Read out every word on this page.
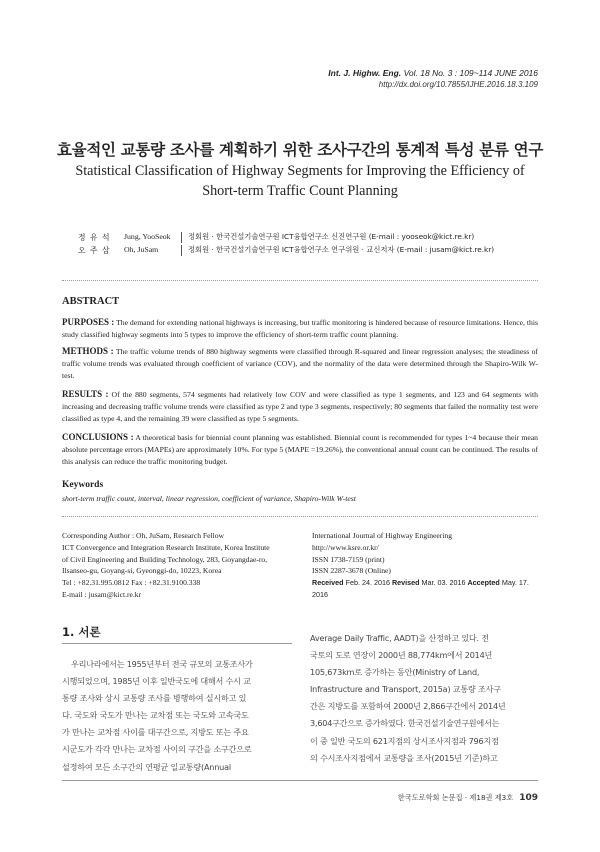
Int. J. Highw. Eng. Vol. 18 No. 3 : 109~114 JUNE 2016
http://dx.doi.org/10.7855/IJHE.2016.18.3.109
효율적인 교통량 조사를 계획하기 위한 조사구간의 통계적 특성 분류 연구
Statistical Classification of Highway Segments for Improving the Efficiency of
Short-term Traffic Count Planning
정 유 석 Jung, YooSeok 정회원 · 한국건설기술연구원 ICT융합연구소 신진연구원 (E-mail : yooseok@kict.re.kr)
오 주 삼 Oh, JuSam	정회원 · 한국건설기술연구원 ICT융합연구소 연구위원 · 교신저자 (E-mail : jusam@kict.re.kr)
ABSTRACT
PURPOSES : The demand for extending national highways is increasing, but traffic monitoring is hindered because of resource limitations. Hence, this study classified highway segments into 5 types to improve the efficiency of short-term traffic count planning.
METHODS : The traffic volume trends of 880 highway segments were classified through R-squared and linear regression analyses; the steadiness of traffic volume trends was evaluated through coefficient of variance (COV), and the normality of the data were determined through the Shapiro-Wilk W-test.
RESULTS : Of the 880 segments, 574 segments had relatively low COV and were classified as type 1 segments, and 123 and 64 segments with increasing and decreasing traffic volume trends were classified as type 2 and type 3 segments, respectively; 80 segments that failed the normality test were classified as type 4, and the remaining 39 were classified as type 5 segments.
CONCLUSIONS : A theoretical basis for biennial count planning was established. Biennial count is recommended for types 1~4 because their mean absolute percentage errors (MAPEs) are approximately 10%. For type 5 (MAPE =19.26%), the conventional annual count can be continued. The results of this analysis can reduce the traffic monitoring budget.
Keywords
short-term traffic count, interval, linear regression, coefficient of variance, Shapiro-Wilk W-test
Corresponding Author : Oh, JuSam, Research Fellow
ICT Convergence and Integration Research Institute, Korea Institute
of Civil Engineering and Building Technology, 283, Goyangdae-ro,
Ilsanseo-gu, Goyang-si, Gyeonggi-do, 10223, Korea
Tel : +82.31.995.0812 Fax : +82.31.9100.338
E-mail : jusam@kict.re.kr
International Journal of Highway Engineering
http://www.ksre.or.kr/
ISSN 1738-7159 (print)
ISSN 2287-3678 (Online)
Received Feb. 24. 2016 Revised Mar. 03. 2016 Accepted May. 17. 2016
1. 서론
우리나라에서는 1955년부터 전국 규모의 교통조사가
시행되었으며, 1985년 이후 일반국도에 대해서 수시 교
통량 조사와 상시 교통량 조사를 병행하여 실시하고 있
다. 국도와 국도가 만나는 교차점 또는 국도와 고속국도
가 만나는 교차점 사이를 대구간으로, 지방도 또는 주요
시군도가 각각 만나는 교차점 사이의 구간을 소구간으로
설정하여 모든 소구간의 연평균 일교통량(Annual
Average Daily Traffic, AADT)을 산정하고 있다. 전
국토의 도로 연장이 2000년 88,774km에서 2014년
105,673km로 증가하는 동안(Ministry of Land,
Infrastructure and Transport, 2015a) 교통량 조사구
간은 지방도를 포함하여 2000년 2,866구간에서 2014년
3,604구간으로 증가하였다. 한국건설기술연구원에서는
이 중 일반 국도의 621지점의 상시조사지점과 796지점
의 수시조사지점에서 교통량을 조사(2015년 기준)하고
한국도로학회 논문집 · 제18권 제3호 109
